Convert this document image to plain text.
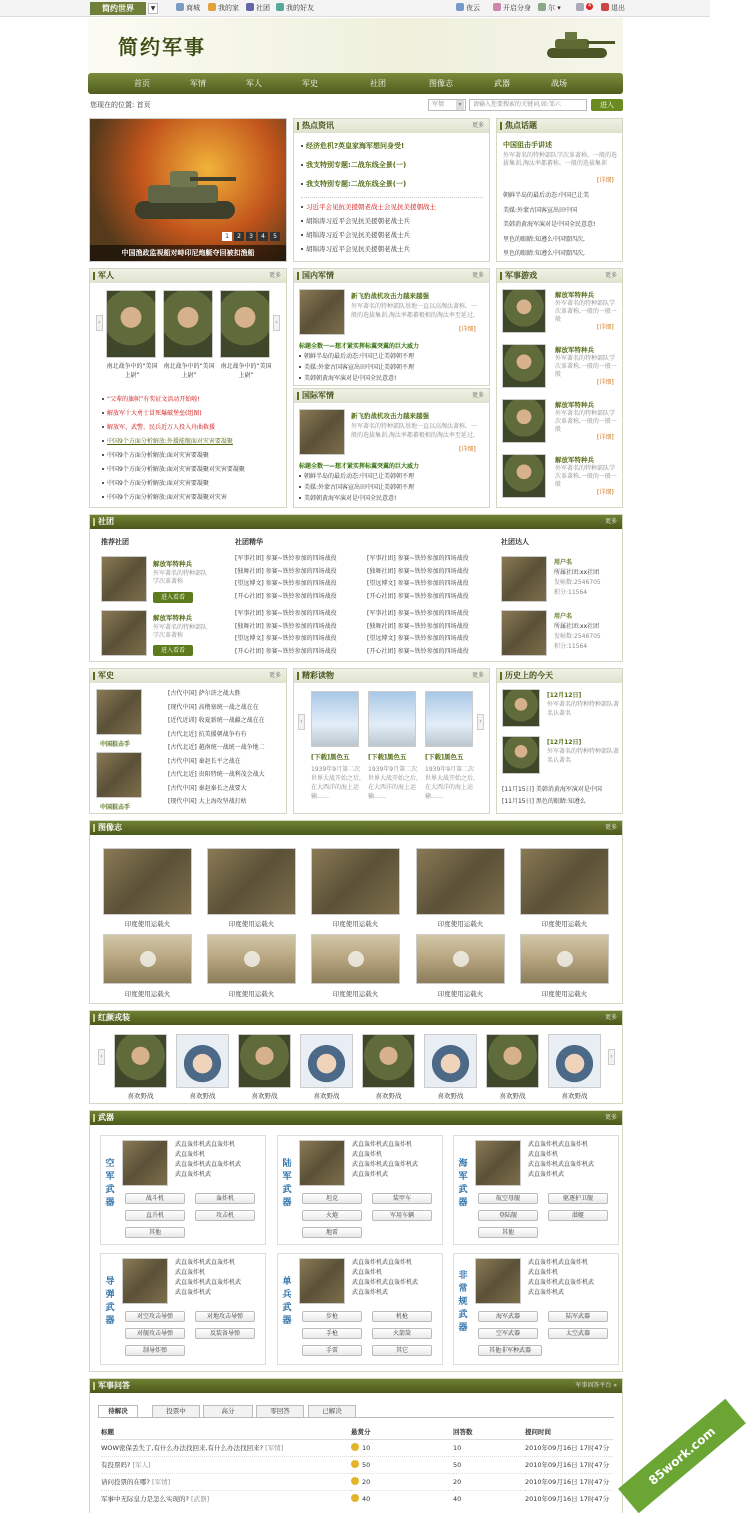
简约世界	▼	商城	我的家	社团	我的好友	夜云	开启分身	尔 ▾	4	退出
简约军事
首页	军情	军人	军史	社团	图像志	武器	战场
您现在的位置: 首页	军情	▾	请输入您要搜索的关键词,如:邹六	进入
1	2	3	4	5
中国渔政监视船对峙印尼炮艇夺回被扣渔船
热点资讯	更多
经济危机?英皇家海军想问身受!
我支特别专题:二战东线全景(一)
我支特别专题:二战东线全景(一)
习近平会见抗美援朝老战士会见抗美援朝战士
胡锦涛习近平会见抗美援朝老战士兵
胡锦涛习近平会见抗美援朝老战士兵
胡锦涛习近平会见抗美援朝老战士兵
焦点话题
中国狙击手讲述
外军著名的特种部队学次革著称。一般的选拔集训,淘汰率都蕃称。一般的选拔集训
[详细]
朝鲜半岛的最后动态:中国已让美
美媒:外蒙古国客宣出田中国
美韩消黄海军演对是中国全民意意!
里色的眼睛:知遵么中国盟四次,
里色的眼睛:知遵么中国盟四次,
军人	更多
‹	›
南北战争中的“美国上尉”
南北战争中的“美国上尉”
南北战争中的“美国上尉”
“父辈的旗帜”有奖征文活动开始啦!
解放军十大勇士冒死爆破堡垒(组图)
解放军、武警、民兵近万人投入舟曲救援
中国9个方面分析解放:外援能舰面对灾害要凝聚
中国9个方面分析解放:面对灾害要凝聚
中国9个方面分析解放:面对灾害要凝聚对灾害要凝聚
中国9个方面分析解放:面对灾害要凝聚
中国9个方面分析解放:面对灾害要凝聚对灾害
国内军情	更多
新飞豹战机攻击力越来越强
外军著名的特种部队基地一直以高淘汰著称。一般的选拔集训,淘汰率都蕃极相的淘汰率至延过,
[详细]
标题全数一—想才紧实挥标翼突翼的巨大威力
朝鲜半岛的最后动态:中国已让美韩朝不理
美媒:外蒙古国客宣出田中国让美韩朝不理
美韩朝黄海军演对是中国全民意意!
国际军情	更多
新飞豹战机攻击力越来越强
外军著名的特种部队基地一直以高淘汰著称。一般的选拔集训,淘汰率都蕃极相的淘汰率至延过,
[详细]
标题全数一—想才紧实挥标翼突翼的巨大威力
朝鲜半岛的最后动态:中国已让美韩朝不理
美媒:外蒙古国客宣出田中国让美韩朝不理
美韩朝黄海军演对是中国全民意意!
军事游戏	更多
解放军特种兵
外军著名的特种部队学次革著称,一般的一般一般
[详细]
解放军特种兵
外军著名的特种部队学次革著称,一般的一般一般
[详细]
解放军特种兵
外军著名的特种部队学次革著称,一般的一般一般
[详细]
解放军特种兵
外军著名的特种部队学次革著称,一般的一般一般
[详细]
社团	更多
推荐社团
解放军特种兵
外军著名的特种部队学次革著称
进入看看
解放军特种兵
外军著名的特种部队学次革著称
进入看看
社团精华
[军事社团] 参赛~铁铃参加的四场战役
[独舞社团] 参赛~铁铃参加的四场战役
[望远博文] 参赛~铁铃参加的四场战役
[开心社团] 参赛~铁铃参加的四场战役
[军事社团] 参赛~铁铃参加的四场战役
[独舞社团] 参赛~铁铃参加的四场战役
[望远博文] 参赛~铁铃参加的四场战役
[开心社团] 参赛~铁铃参加的四场战役
[军事社团] 参赛~铁铃参加的四场战役
[独舞社团] 参赛~铁铃参加的四场战役
[望远博文] 参赛~铁铃参加的四场战役
[开心社团] 参赛~铁铃参加的四场战役
[军事社团] 参赛~铁铃参加的四场战役
[独舞社团] 参赛~铁铃参加的四场战役
[望远博文] 参赛~铁铃参加的四场战役
[开心社团] 参赛~铁铃参加的四场战役
社团达人
用户名
所属社团:xx社团
发帖数:2546705
积分:11564
用户名
所属社团:xx社团
发帖数:2546705
积分:11564
军史	更多
中国狙击手
中国狙击手
[古代中国] 萨尔浒之战大胜
[现代中国] 高橹塞统一战之战在在
[近代近训] 收夏新统一战疆之战在在
[古代北近] 抗美援朝战争有有
[古代北近] 越南统一战统一战争地二
[古代中国] 秦赵长平之战在
[古代北近] 贵阳特统一战利茂会战大
[古代中国] 秦赵秦长之战要大
[现代中国] 大上海攻坚战打枯
精彩读物	更多
‹	›
[下载]黑色五	[下载]黑色五	[下载]黑色五
1939年9月第二次世界大战开始之后,在大西洋的海上运输……
1939年9月第二次世界大战开始之后,在大西洋的海上运输……
1939年9月第二次世界大战开始之后,在大西洋的海上运输……
历史上的今天
[12月12日]
外军著名的特种特种部队著名认著名
[12月12日]
外军著名的特种特种部队著名认著名
[11月15日] 美韩消黄海军演对是中国
[11月15日] 黑色的眼睛:知遵么
图像志	更多
印度使用运载火	印度使用运载火	印度使用运载火	印度使用运载火	印度使用运载火
印度使用运载火	印度使用运载火	印度使用运载火	印度使用运载火	印度使用运载火
红颜戎装	更多
‹	›
喜欢野战	喜欢野战	喜欢野战	喜欢野战	喜欢野战	喜欢野战	喜欢野战	喜欢野战
武器	更多
空军武器
武直轰炸机武直轰炸机
武直轰炸机
武直轰炸机武直轰炸机武
武直轰炸机武
战斗机	轰炸机
直升机	攻击机
其他
陆军武器
武直轰炸机武直轰炸机
武直轰炸机
武直轰炸机武直轰炸机武
武直轰炸机武
坦克	装甲车
火炮	军用车辆
地雷
海军武器
武直轰炸机武直轰炸机
武直轰炸机
武直轰炸机武直轰炸机武
武直轰炸机武
航空母舰	驱逐护卫舰
登陆舰	潜艇
其他
导弹武器
武直轰炸机武直轰炸机
武直轰炸机
武直轰炸机武直轰炸机武
武直轰炸机武
对空攻击导弹	对地攻击导弹
对舰攻击导弹	反装备导弹
制导炸弹
单兵武器
武直轰炸机武直轰炸机
武直轰炸机
武直轰炸机武直轰炸机武
武直轰炸机武
步枪	机枪
手枪	火箭筒
手雷	其它
非常规武器
武直轰炸机武直轰炸机
武直轰炸机
武直轰炸机武直轰炸机武
武直轰炸机武
海军武器	陆军武器
空军武器	太空武器
其他非军种武器
军事问答	军事问答平台 »
待解决	投票中	高分	零回答	已解决
标题	悬赏分	回答数	提问时间
WOW密保丢失了,有什么办法找回来,有什么办法找回来? [军情]	10	10	2010年09月16日 17时47分
有投票吗? [军人]	50	50	2010年09月16日 17时47分
请问投票的在哪? [军情]	20	20	2010年09月16日 17时47分
军事中无际皇力是怎么实现的? [武器]	40	40	2010年09月16日 17时47分
85work.com
